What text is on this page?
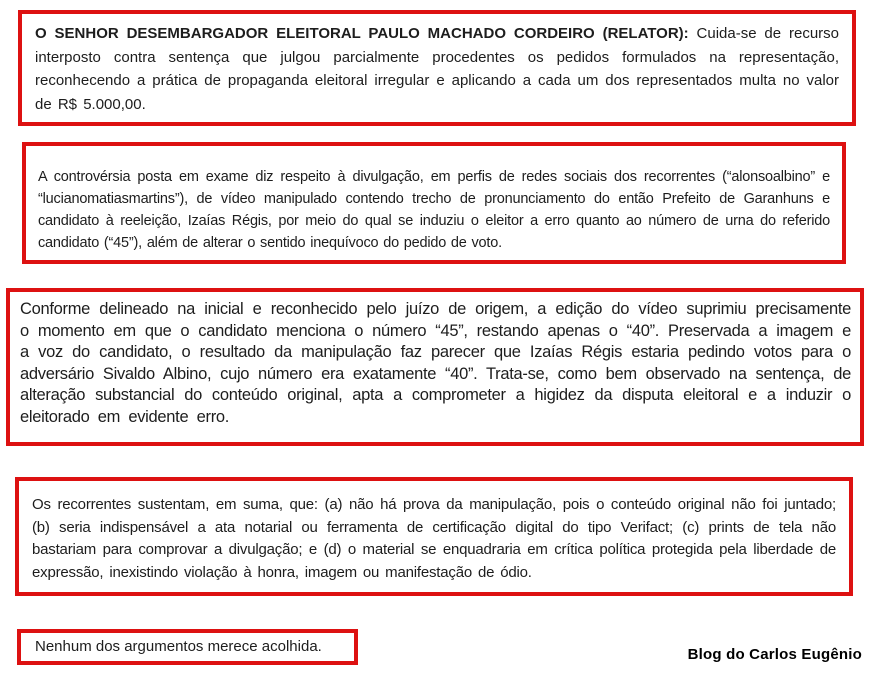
O SENHOR DESEMBARGADOR ELEITORAL PAULO MACHADO CORDEIRO (RELATOR): Cuida-se de recurso interposto contra sentença que julgou parcialmente procedentes os pedidos formulados na representação, reconhecendo a prática de propaganda eleitoral irregular e aplicando a cada um dos representados multa no valor de R$ 5.000,00.

A controvérsia posta em exame diz respeito à divulgação, em perfis de redes sociais dos recorrentes (“alonsoalbino” e “lucianomatiasmartins”), de vídeo manipulado contendo trecho de pronunciamento do então Prefeito de Garanhuns e candidato à reeleição, Izaías Régis, por meio do qual se induziu o eleitor a erro quanto ao número de urna do referido candidato (“45”), além de alterar o sentido inequívoco do pedido de voto.

Conforme delineado na inicial e reconhecido pelo juízo de origem, a edição do vídeo suprimiu precisamente o momento em que o candidato menciona o número “45”, restando apenas o “40”. Preservada a imagem e a voz do candidato, o resultado da manipulação faz parecer que Izaías Régis estaria pedindo votos para o adversário Sivaldo Albino, cujo número era exatamente “40”. Trata-se, como bem observado na sentença, de alteração substancial do conteúdo original, apta a comprometer a higidez da disputa eleitoral e a induzir o eleitorado em evidente erro.

Os recorrentes sustentam, em suma, que: (a) não há prova da manipulação, pois o conteúdo original não foi juntado; (b) seria indispensável a ata notarial ou ferramenta de certificação digital do tipo Verifact; (c) prints de tela não bastariam para comprovar a divulgação; e (d) o material se enquadraria em crítica política protegida pela liberdade de expressão, inexistindo violação à honra, imagem ou manifestação de ódio.

Nenhum dos argumentos merece acolhida.	Blog do Carlos Eugênio
